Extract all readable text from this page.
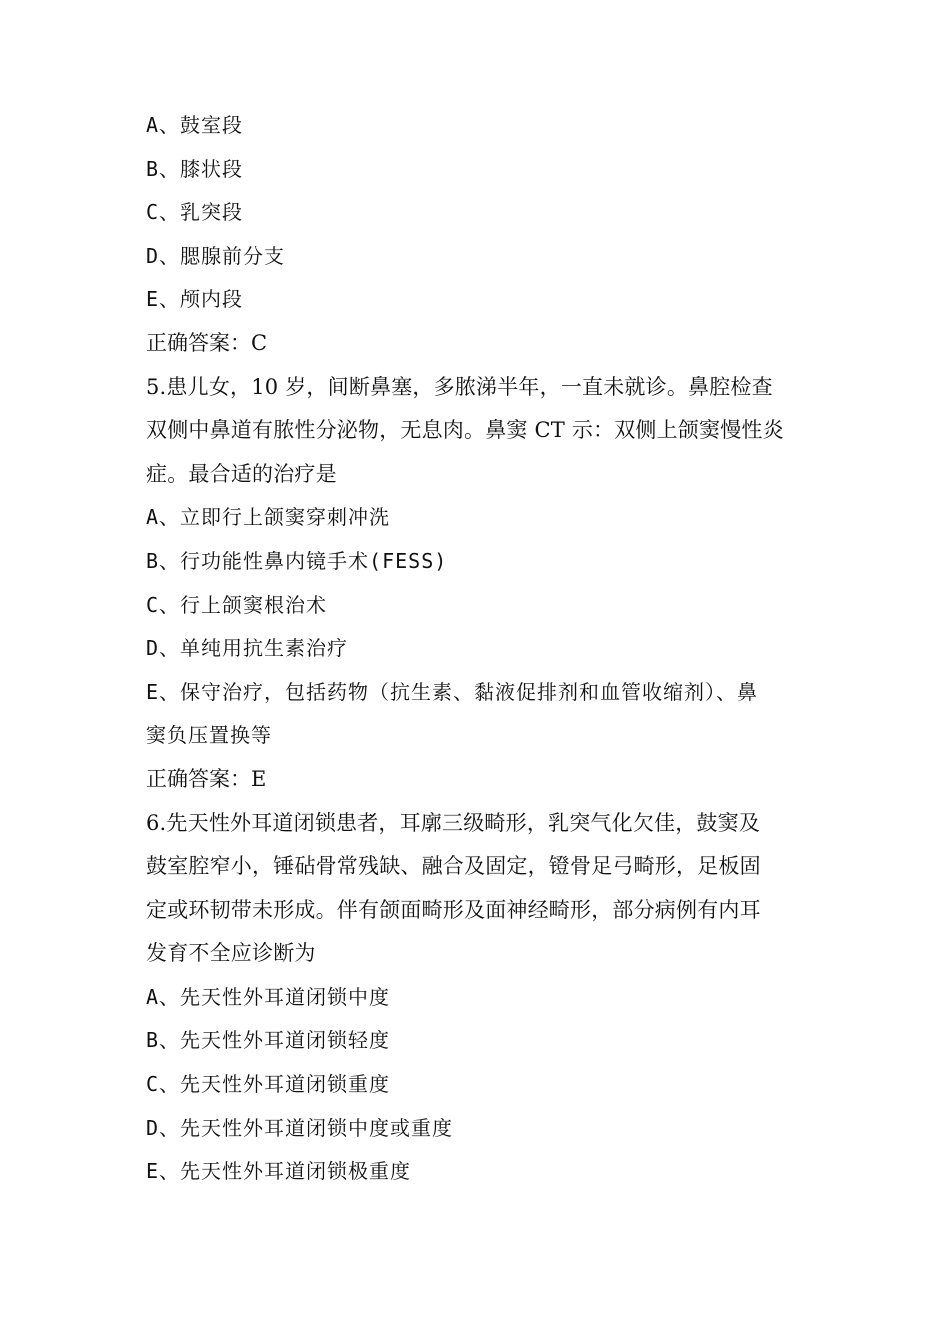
A、鼓室段
B、膝状段
C、乳突段
D、腮腺前分支
E、颅内段
正确答案：C
5.患儿女，10 岁，间断鼻塞，多脓涕半年，一直未就诊。鼻腔检查
双侧中鼻道有脓性分泌物，无息肉。鼻窦 CT 示：双侧上颌窦慢性炎
症。最合适的治疗是
A、立即行上颌窦穿刺冲洗
B、行功能性鼻内镜手术(FESS)
C、行上颌窦根治术
D、单纯用抗生素治疗
E、保守治疗，包括药物（抗生素、黏液促排剂和血管收缩剂）、鼻
窦负压置换等
正确答案：E
6.先天性外耳道闭锁患者，耳廓三级畸形，乳突气化欠佳，鼓窦及
鼓室腔窄小，锤砧骨常残缺、融合及固定，镫骨足弓畸形，足板固
定或环韧带未形成。伴有颌面畸形及面神经畸形，部分病例有内耳
发育不全应诊断为
A、先天性外耳道闭锁中度
B、先天性外耳道闭锁轻度
C、先天性外耳道闭锁重度
D、先天性外耳道闭锁中度或重度
E、先天性外耳道闭锁极重度
